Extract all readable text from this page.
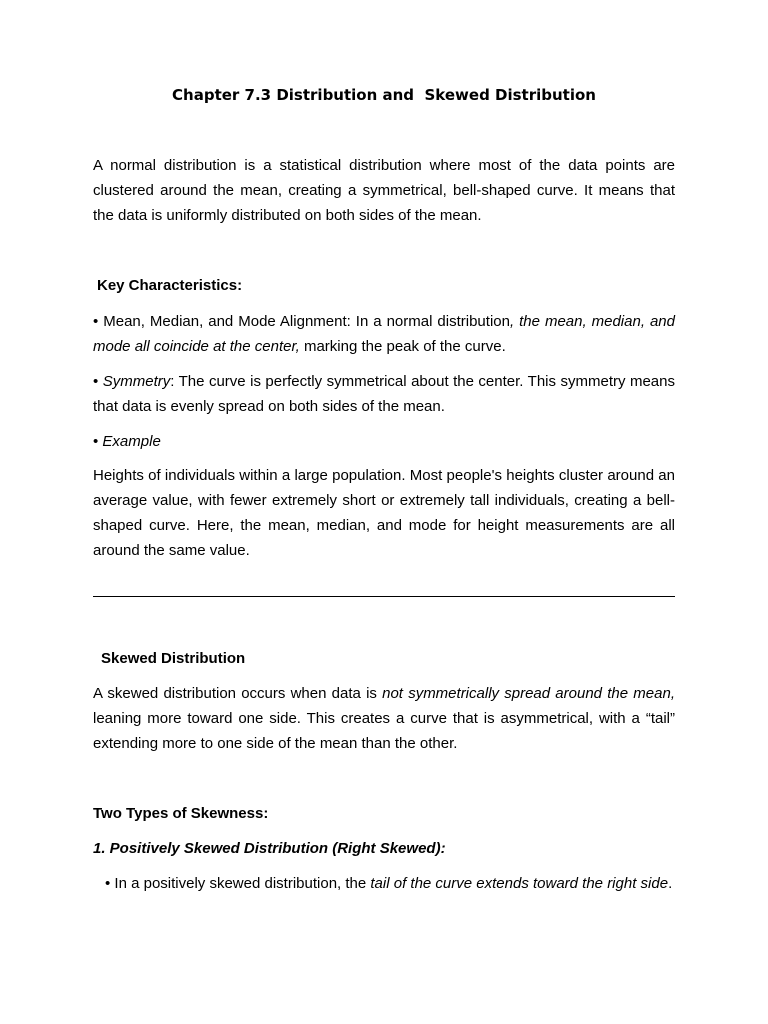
Chapter 7.3 Distribution and  Skewed Distribution

A normal distribution is a statistical distribution where most of the data points are clustered around the mean, creating a symmetrical, bell-shaped curve. It means that the data is uniformly distributed on both sides of the mean.

Key Characteristics:

• Mean, Median, and Mode Alignment: In a normal distribution, the mean, median, and mode all coincide at the center, marking the peak of the curve.

• Symmetry: The curve is perfectly symmetrical about the center. This symmetry means that data is evenly spread on both sides of the mean.

• Example

Heights of individuals within a large population. Most people's heights cluster around an average value, with fewer extremely short or extremely tall individuals, creating a bell-shaped curve. Here, the mean, median, and mode for height measurements are all around the same value.

Skewed Distribution

A skewed distribution occurs when data is not symmetrically spread around the mean, leaning more toward one side. This creates a curve that is asymmetrical, with a “tail” extending more to one side of the mean than the other.

Two Types of Skewness:
1. Positively Skewed Distribution (Right Skewed):

• In a positively skewed distribution, the tail of the curve extends toward the right side.
